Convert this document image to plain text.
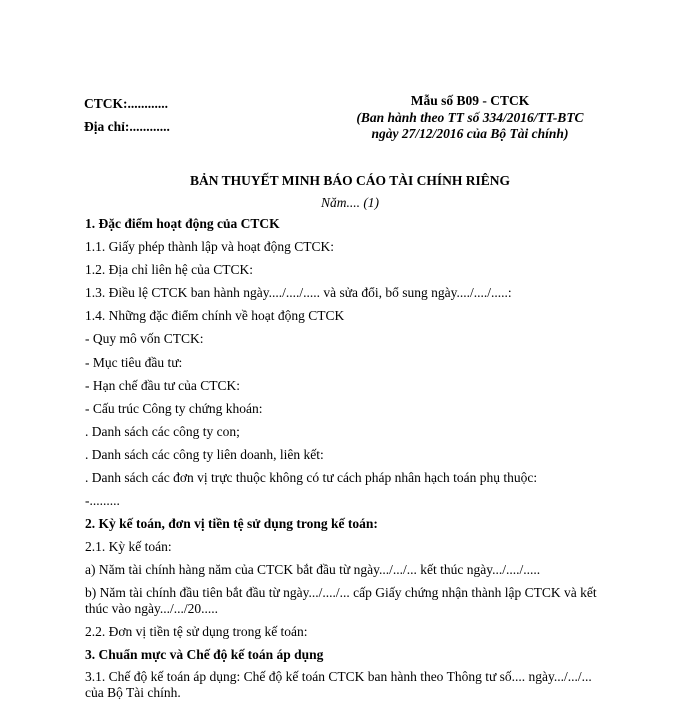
CTCK:............
Địa chỉ:............
Mẫu số B09 - CTCK
(Ban hành theo TT số 334/2016/TT-BTC
ngày 27/12/2016 của Bộ Tài chính)
BẢN THUYẾT MINH BÁO CÁO TÀI CHÍNH RIÊNG
Năm.... (1)
1. Đặc điểm hoạt động của CTCK
1.1. Giấy phép thành lập và hoạt động CTCK:
1.2. Địa chỉ liên hệ của CTCK:
1.3. Điều lệ CTCK ban hành ngày..../..../..... và sửa đổi, bổ sung ngày..../..../.....:
1.4. Những đặc điểm chính về hoạt động CTCK
- Quy mô vốn CTCK:
- Mục tiêu đầu tư:
- Hạn chế đầu tư của CTCK:
- Cấu trúc Công ty chứng khoán:
. Danh sách các công ty con;
. Danh sách các công ty liên doanh, liên kết:
. Danh sách các đơn vị trực thuộc không có tư cách pháp nhân hạch toán phụ thuộc:
-.........
2. Kỳ kế toán, đơn vị tiền tệ sử dụng trong kế toán:
2.1. Kỳ kế toán:
a) Năm tài chính hàng năm của CTCK bắt đầu từ ngày.../.../... kết thúc ngày.../..../.....
b) Năm tài chính đầu tiên bắt đầu từ ngày.../..../... cấp Giấy chứng nhận thành lập CTCK và kết thúc vào ngày.../.../20.....
2.2. Đơn vị tiền tệ sử dụng trong kế toán:
3. Chuẩn mực và Chế độ kế toán áp dụng
3.1. Chế độ kế toán áp dụng: Chế độ kế toán CTCK ban hành theo Thông tư số.... ngày.../.../... của Bộ Tài chính.
